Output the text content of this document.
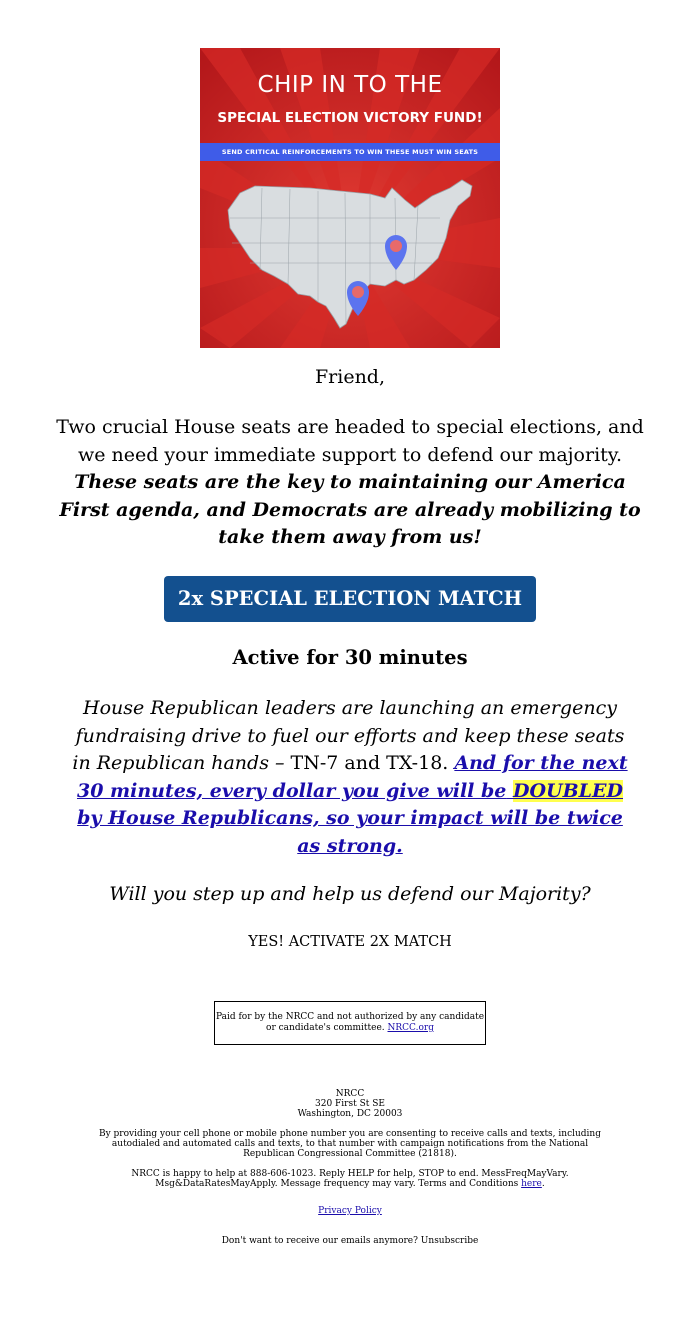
CHIP IN TO THE
SPECIAL ELECTION VICTORY FUND!
SEND CRITICAL REINFORCEMENTS TO WIN THESE MUST WIN SEATS
Friend,
Two crucial House seats are headed to special elections, and we need your immediate support to defend our majority. These seats are the key to maintaining our America First agenda, and Democrats are already mobilizing to take them away from us!
2x SPECIAL ELECTION MATCH
Active for 30 minutes
House Republican leaders are launching an emergency fundraising drive to fuel our efforts and keep these seats in Republican hands – TN-7 and TX-18. And for the next 30 minutes, every dollar you give will be DOUBLED by House Republicans, so your impact will be twice as strong.
Will you step up and help us defend our Majority?
YES! ACTIVATE 2X MATCH
Paid for by the NRCC and not authorized by any candidate or candidate's committee. NRCC.org
NRCC
320 First St SE
Washington, DC 20003
By providing your cell phone or mobile phone number you are consenting to receive calls and texts, including autodialed and automated calls and texts, to that number with campaign notifications from the National Republican Congressional Committee (21818).
NRCC is happy to help at 888-606-1023. Reply HELP for help, STOP to end. MessFreqMayVary. Msg&DataRatesMayApply. Message frequency may vary. Terms and Conditions here.
Privacy Policy
Don't want to receive our emails anymore? Unsubscribe
